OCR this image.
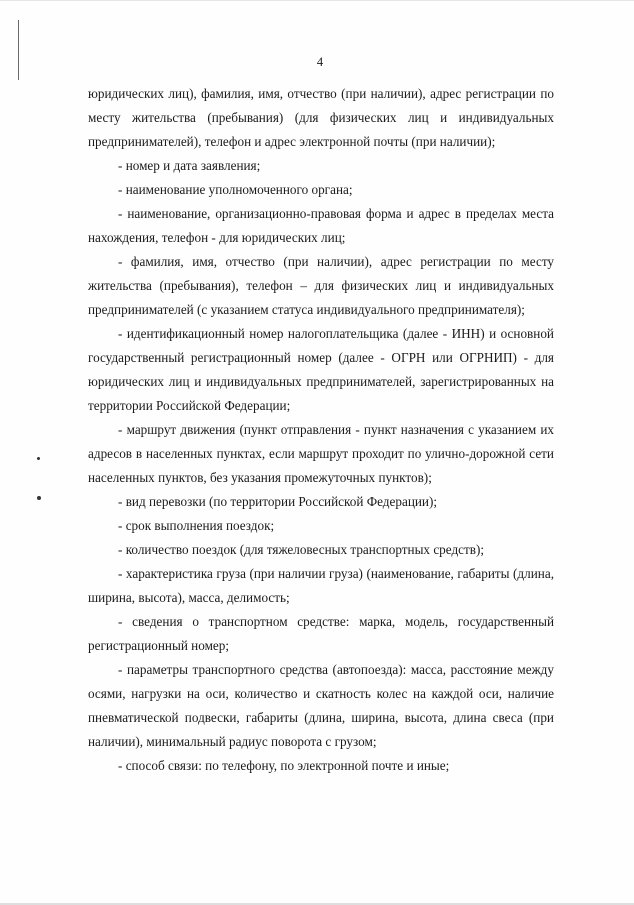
4

юридических лиц), фамилия, имя, отчество (при наличии), адрес регистрации по месту жительства (пребывания) (для физических лиц и индивидуальных предпринимателей), телефон и адрес электронной почты (при наличии);

- номер и дата заявления;

- наименование уполномоченного органа;

- наименование, организационно-правовая форма и адрес в пределах места нахождения, телефон - для юридических лиц;

- фамилия, имя, отчество (при наличии), адрес регистрации по месту жительства (пребывания), телефон – для физических лиц и индивидуальных предпринимателей (с указанием статуса индивидуального предпринимателя);

- идентификационный номер налогоплательщика (далее - ИНН) и основной государственный регистрационный номер (далее - ОГРН или ОГРНИП) - для юридических лиц и индивидуальных предпринимателей, зарегистрированных на территории Российской Федерации;

- маршрут движения (пункт отправления - пункт назначения с указанием их адресов в населенных пунктах, если маршрут проходит по улично-дорожной сети населенных пунктов, без указания промежуточных пунктов);

- вид перевозки (по территории Российской Федерации);

- срок выполнения поездок;

- количество поездок (для тяжеловесных транспортных средств);

- характеристика груза (при наличии груза) (наименование, габариты (длина, ширина, высота), масса, делимость;

- сведения о транспортном средстве: марка, модель, государственный регистрационный номер;

- параметры транспортного средства (автопоезда): масса, расстояние между осями, нагрузки на оси, количество и скатность колес на каждой оси, наличие пневматической подвески, габариты (длина, ширина, высота, длина свеса (при наличии), минимальный радиус поворота с грузом;

- способ связи: по телефону, по электронной почте и иные;
